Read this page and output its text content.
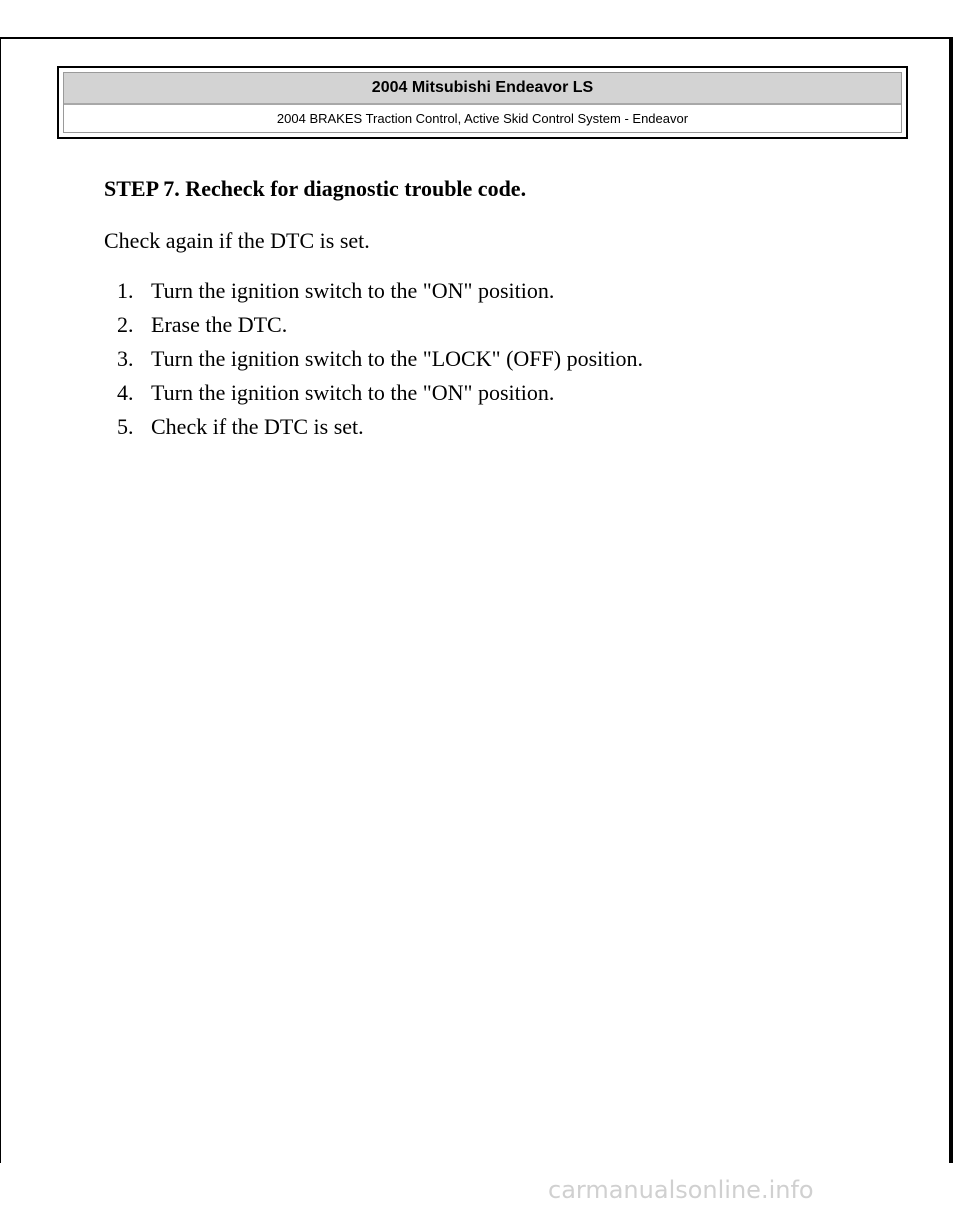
2004 Mitsubishi Endeavor LS
2004 BRAKES Traction Control, Active Skid Control System - Endeavor
STEP 7. Recheck for diagnostic trouble code.

Check again if the DTC is set.

1. Turn the ignition switch to the "ON" position.
2. Erase the DTC.
3. Turn the ignition switch to the "LOCK" (OFF) position.
4. Turn the ignition switch to the "ON" position.
5. Check if the DTC is set.
carmanualsonline.info
